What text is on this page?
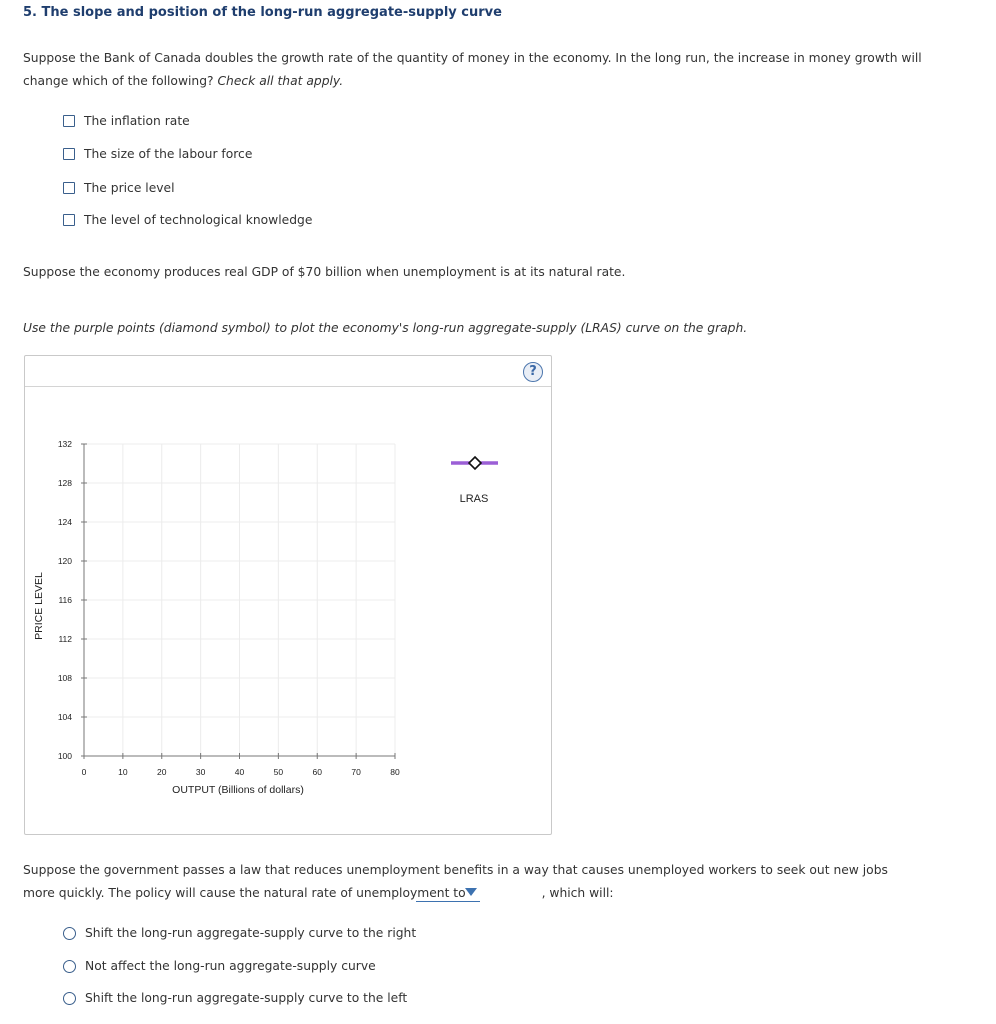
5. The slope and position of the long-run aggregate-supply curve
Suppose the Bank of Canada doubles the growth rate of the quantity of money in the economy. In the long run, the increase in money growth will change which of the following? Check all that apply.
The inflation rate
The size of the labour force
The price level
The level of technological knowledge
Suppose the economy produces real GDP of $70 billion when unemployment is at its natural rate.
Use the purple points (diamond symbol) to plot the economy's long-run aggregate-supply (LRAS) curve on the graph.
?
100
104
108
112
116
120
124
128
132
0	10	20	30	40	50	60	70	80
OUTPUT (Billions of dollars)
PRICE LEVEL
LRAS
Suppose the government passes a law that reduces unemployment benefits in a way that causes unemployed workers to seek out new jobs more quickly. The policy will cause the natural rate of unemployment to	, which will:
Shift the long-run aggregate-supply curve to the right
Not affect the long-run aggregate-supply curve
Shift the long-run aggregate-supply curve to the left
